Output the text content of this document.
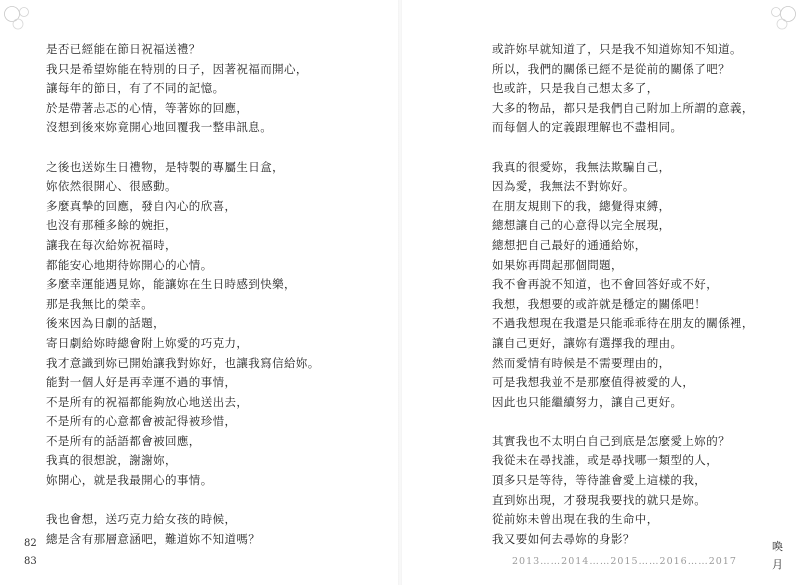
是否已經能在節日祝福送禮？
我只是希望妳能在特別的日子，因著祝福而開心，
讓每年的節日，有了不同的記憶。
於是帶著忐忑的心情，等著妳的回應，
沒想到後來妳竟開心地回覆我一整串訊息。
之後也送妳生日禮物，是特製的專屬生日盒，
妳依然很開心、很感動。
多麼真摯的回應，發自內心的欣喜，
也沒有那種多餘的婉拒，
讓我在每次給妳祝福時，
都能安心地期待妳開心的心情。
多麼幸運能遇見妳，能讓妳在生日時感到快樂，
那是我無比的榮幸。
後來因為日劇的話題，
寄日劇給妳時總會附上妳愛的巧克力，
我才意識到妳已開始讓我對妳好，也讓我寫信給妳。
能對一個人好是再幸運不過的事情，
不是所有的祝福都能夠放心地送出去，
不是所有的心意都會被記得被珍惜，
不是所有的話語都會被回應，
我真的很想說，謝謝妳，
妳開心，就是我最開心的事情。
我也會想，送巧克力給女孩的時候，
總是含有那層意涵吧，難道妳不知道嗎？
82
或許妳早就知道了，只是我不知道妳知不知道。
所以，我們的關係已經不是從前的關係了吧？
也或許，只是我自己想太多了，
大多的物品，都只是我們自己附加上所謂的意義，
而每個人的定義跟理解也不盡相同。
我真的很愛妳，我無法欺騙自己，
因為愛，我無法不對妳好。
在朋友規則下的我，總覺得束縛，
總想讓自己的心意得以完全展現，
總想把自己最好的通通給妳，
如果妳再問起那個問題，
我不會再說不知道，也不會回答好或不好，
我想，我想要的或許就是穩定的關係吧！
不過我想現在我還是只能乖乖待在朋友的關係裡，
讓自己更好，讓妳有選擇我的理由。
然而愛情有時候是不需要理由的，
可是我想我並不是那麼值得被愛的人，
因此也只能繼續努力，讓自己更好。
其實我也不太明白自己到底是怎麼愛上妳的？
我從未在尋找誰，或是尋找哪一類型的人，
頂多只是等待，等待誰會愛上這樣的我，
直到妳出現，才發現我要找的就只是妳。
從前妳未曾出現在我的生命中，
我又要如何去尋妳的身影？
83	2013……2014……2015……2016……2017
喚
月
